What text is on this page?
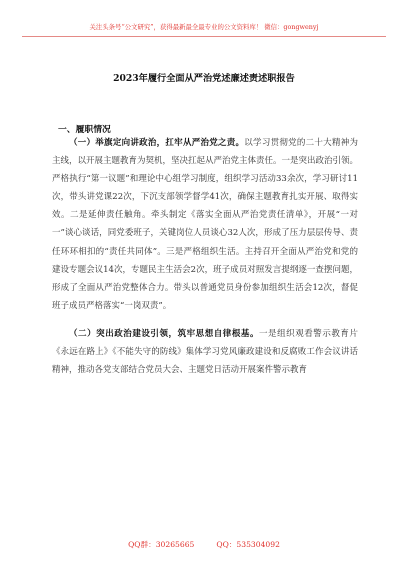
关注头条号“公文研究”，获得最新最全最专业的公文资料库！ 微信：gongwenyj
2023年履行全面从严治党述廉述责述职报告
一、履职情况

（一）举旗定向讲政治，扛牢从严治党之责。以学习贯彻党的二十大精神为主线，以开展主题教育为契机，坚决扛起从严治党主体责任。一是突出政治引领。严格执行“第一议题”和理论中心组学习制度，组织学习活动33余次，学习研讨11次，带头讲党课22次，下沉支部领学督学41次，确保主题教育扎实开展、取得实效。二是延伸责任触角。牵头制定《落实全面从严治党责任清单》，开展“一对一”谈心谈话，同党委班子，关键岗位人员谈心32人次，形成了压力层层传导、责任环环相扣的“责任共同体”。三是严格组织生活。主持召开全面从严治党和党的建设专题会议14次，专题民主生活会2次，班子成员对照发言提纲逐一查摆问题，形成了全面从严治党整体合力。带头以普通党员身份参加组织生活会12次，督促班子成员严格落实“一岗双责”。

（二）突出政治建设引领，筑牢思想自律根基。一是组织观看警示教育片《永远在路上》《不能失守的防线》集体学习党风廉政建设和反腐败工作会议讲话精神，推动各党支部结合党员大会、主题党日活动开展案件警示教育

QQ群：30265665	QQ：535304092
